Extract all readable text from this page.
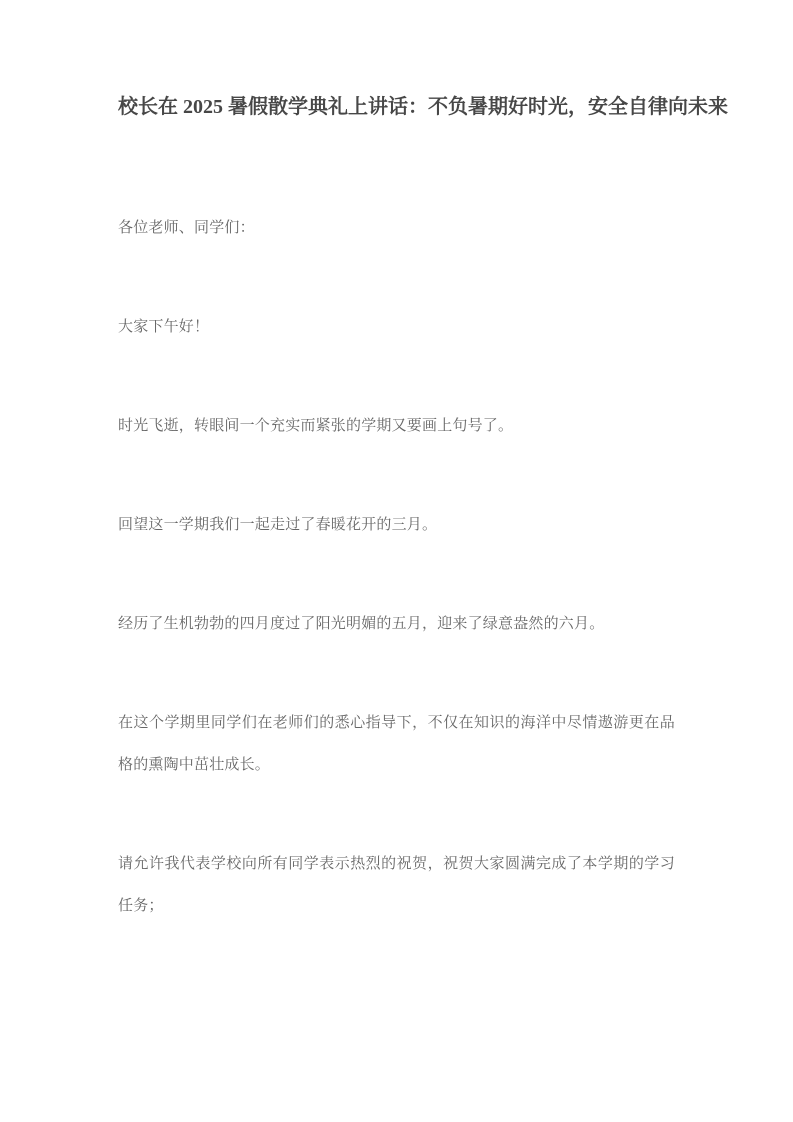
校长在 2025 暑假散学典礼上讲话：不负暑期好时光，安全自律向未来

各位老师、同学们：

大家下午好！

时光飞逝，转眼间一个充实而紧张的学期又要画上句号了。

回望这一学期我们一起走过了春暖花开的三月。

经历了生机勃勃的四月度过了阳光明媚的五月，迎来了绿意盎然的六月。

在这个学期里同学们在老师们的悉心指导下，不仅在知识的海洋中尽情遨游更在品格的熏陶中茁壮成长。

请允许我代表学校向所有同学表示热烈的祝贺，祝贺大家圆满完成了本学期的学习任务；
